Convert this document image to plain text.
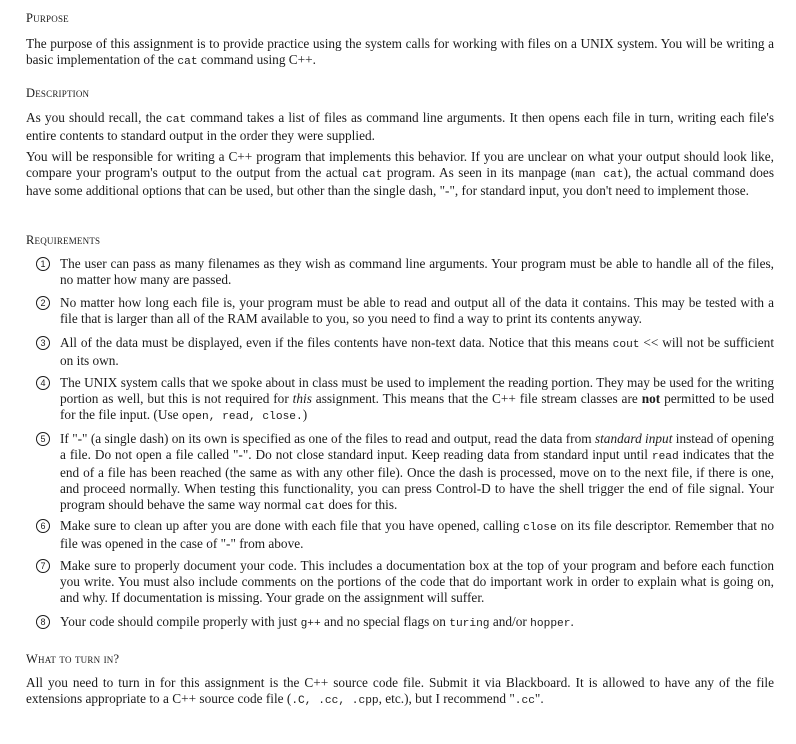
Purpose

The purpose of this assignment is to provide practice using the system calls for working with files on a UNIX system. You will be writing a basic implementation of the cat command using C++.

Description

As you should recall, the cat command takes a list of files as command line arguments. It then opens each file in turn, writing each file's entire contents to standard output in the order they were supplied.

You will be responsible for writing a C++ program that implements this behavior. If you are unclear on what your output should look like, compare your program's output to the output from the actual cat program. As seen in its manpage (man cat), the actual command does have some additional options that can be used, but other than the single dash, "-", for standard input, you don't need to implement those.

Requirements
1	The user can pass as many filenames as they wish as command line arguments. Your program must be able to handle all of the files, no matter how many are passed.
2	No matter how long each file is, your program must be able to read and output all of the data it contains. This may be tested with a file that is larger than all of the RAM available to you, so you need to find a way to print its contents anyway.
3	All of the data must be displayed, even if the files contents have non-text data. Notice that this means cout << will not be sufficient on its own.
4	The UNIX system calls that we spoke about in class must be used to implement the reading portion. They may be used for the writing portion as well, but this is not required for this assignment. This means that the C++ file stream classes are not permitted to be used for the file input. (Use open, read, close.)
5	If "-" (a single dash) on its own is specified as one of the files to read and output, read the data from standard input instead of opening a file. Do not open a file called "-". Do not close standard input. Keep reading data from standard input until read indicates that the end of a file has been reached (the same as with any other file). Once the dash is processed, move on to the next file, if there is one, and proceed normally. When testing this functionality, you can press Control-D to have the shell trigger the end of file signal. Your program should behave the same way normal cat does for this.
6	Make sure to clean up after you are done with each file that you have opened, calling close on its file descriptor. Remember that no file was opened in the case of "-" from above.
7	Make sure to properly document your code. This includes a documentation box at the top of your program and before each function you write. You must also include comments on the portions of the code that do important work in order to explain what is going on, and why. If documentation is missing. Your grade on the assignment will suffer.
8	Your code should compile properly with just g++ and no special flags on turing and/or hopper.
What to turn in?

All you need to turn in for this assignment is the C++ source code file. Submit it via Blackboard. It is allowed to have any of the file extensions appropriate to a C++ source code file (.C, .cc, .cpp, etc.), but I recommend ".cc".
